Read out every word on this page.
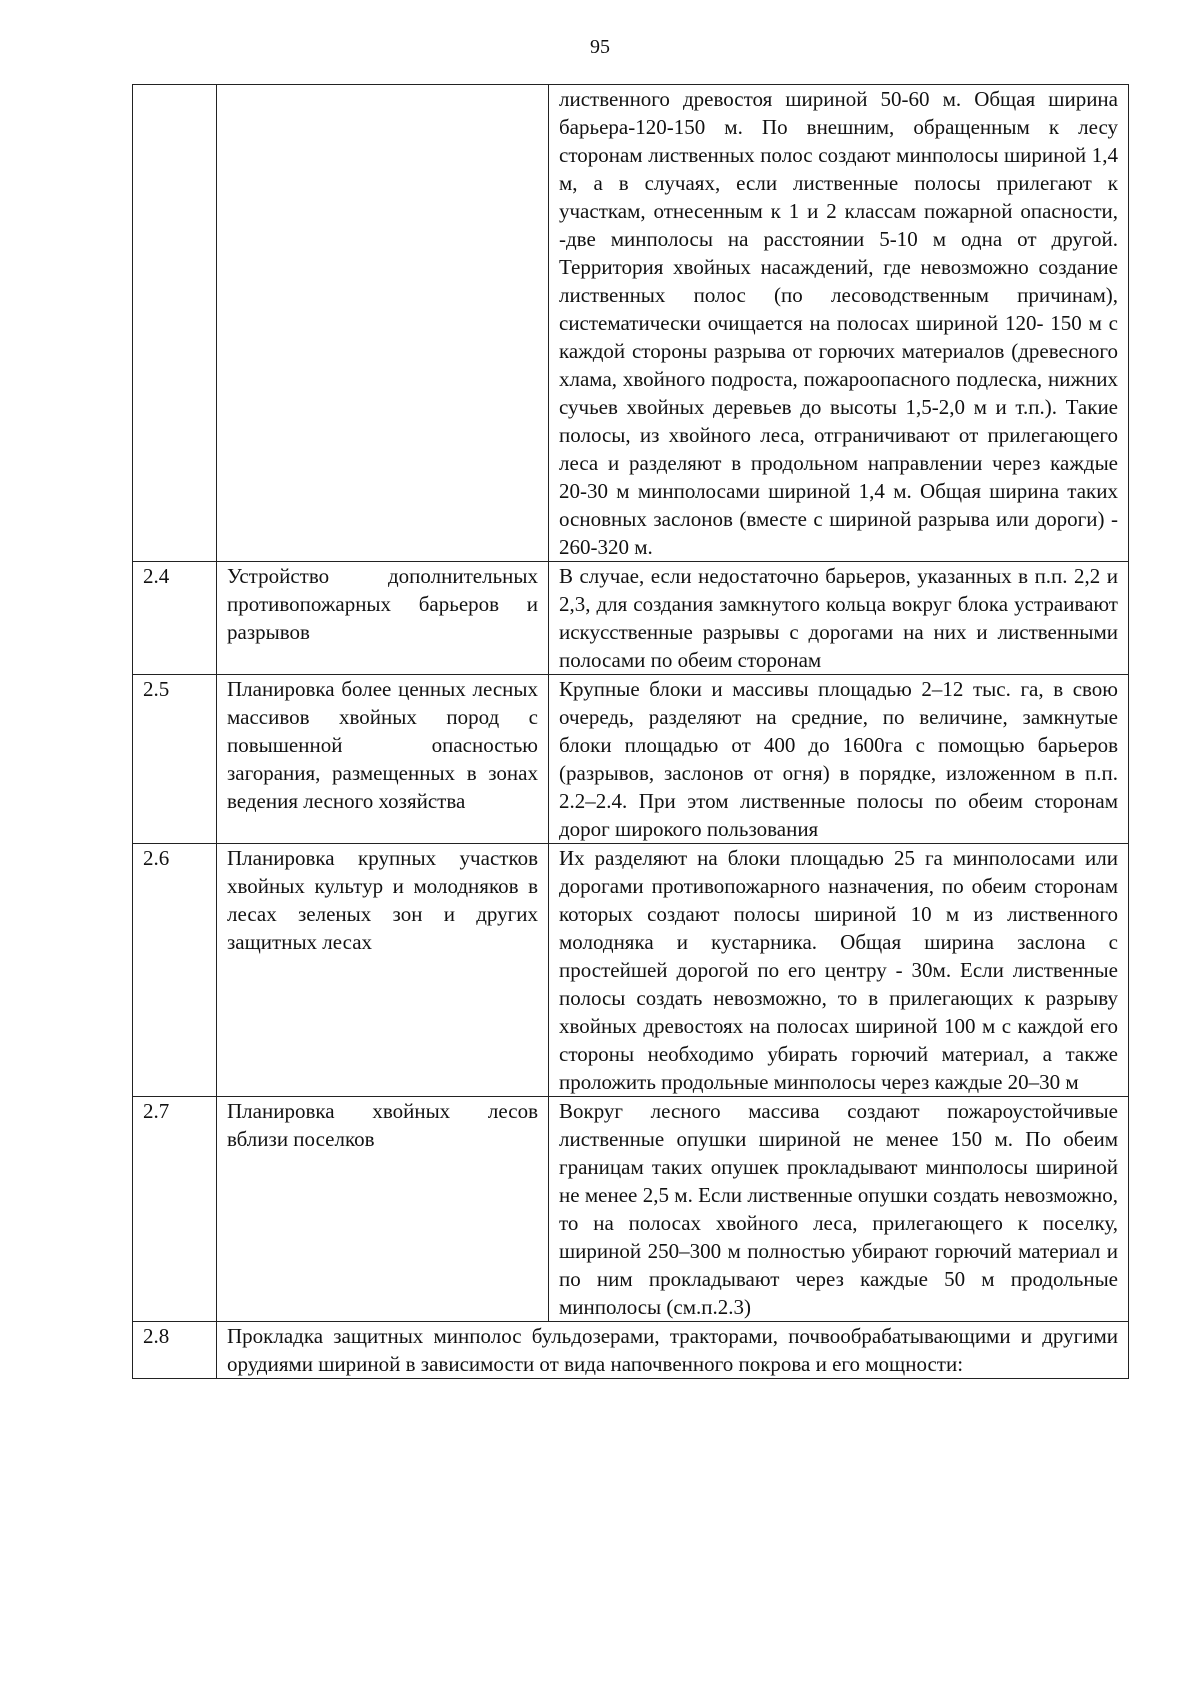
95
		лиственного древостоя шириной 50-60 м. Общая ширина барьера-120-150 м. По внешним, обращенным к лесу сторонам лиственных полос создают минполосы шириной 1,4 м, а в случаях, если лиственные полосы прилегают к участкам, отнесенным к 1 и 2 классам пожарной опасности, -две минполосы на расстоянии 5-10 м одна от другой. Территория хвойных насаждений, где невозможно создание лиственных полос (по лесоводственным причинам), систематически очищается на полосах шириной 120- 150 м с каждой стороны разрыва от горючих материалов (древесного хлама, хвойного подроста, пожароопасного подлеска, нижних сучьев хвойных деревьев до высоты 1,5-2,0 м и т.п.). Такие полосы, из хвойного леса, отграничивают от прилегающего леса и разделяют в продольном направлении через каждые 20-30 м минполосами шириной 1,4 м. Общая ширина таких основных заслонов (вместе с шириной разрыва или дороги) - 260-320 м.
2.4	Устройство дополнительных противопожарных барьеров и разрывов	В случае, если недостаточно барьеров, указанных в п.п. 2,2 и 2,3, для создания замкнутого кольца вокруг блока устраивают искусственные разрывы с дорогами на них и лиственными полосами по обеим сторонам
2.5	Планировка более ценных лесных массивов хвойных пород с повышенной опасностью загорания, размещенных в зонах ведения лесного хозяйства	Крупные блоки и массивы площадью 2–12 тыс. га, в свою очередь, разделяют на средние, по величине, замкнутые блоки площадью от 400 до 1600га с помощью барьеров (разрывов, заслонов от огня) в порядке, изложенном в п.п. 2.2–2.4. При этом лиственные полосы по обеим сторонам дорог широкого пользования
2.6	Планировка крупных участков хвойных культур и молодняков в лесах зеленых зон и других защитных лесах	Их разделяют на блоки площадью 25 га минполосами или дорогами противопожарного назначения, по обеим сторонам которых создают полосы шириной 10 м из лиственного молодняка и кустарника. Общая ширина заслона с простейшей дорогой по его центру - 30м. Если лиственные полосы создать невозможно, то в прилегающих к разрыву хвойных древостоях на полосах шириной 100 м с каждой его стороны необходимо убирать горючий материал, а также проложить продольные минполосы через каждые 20–30 м
2.7	Планировка хвойных лесов вблизи поселков	Вокруг лесного массива создают пожароустойчивые лиственные опушки шириной не менее 150 м. По обеим границам таких опушек прокладывают минполосы шириной не менее 2,5 м. Если лиственные опушки создать невозможно, то на полосах хвойного леса, прилегающего к поселку, шириной 250–300 м полностью убирают горючий материал и по ним прокладывают через каждые 50 м продольные минполосы (см.п.2.3)
2.8	Прокладка защитных минполос бульдозерами, тракторами, почвообрабатывающими и другими орудиями шириной в зависимости от вида напочвенного покрова и его мощности:	
